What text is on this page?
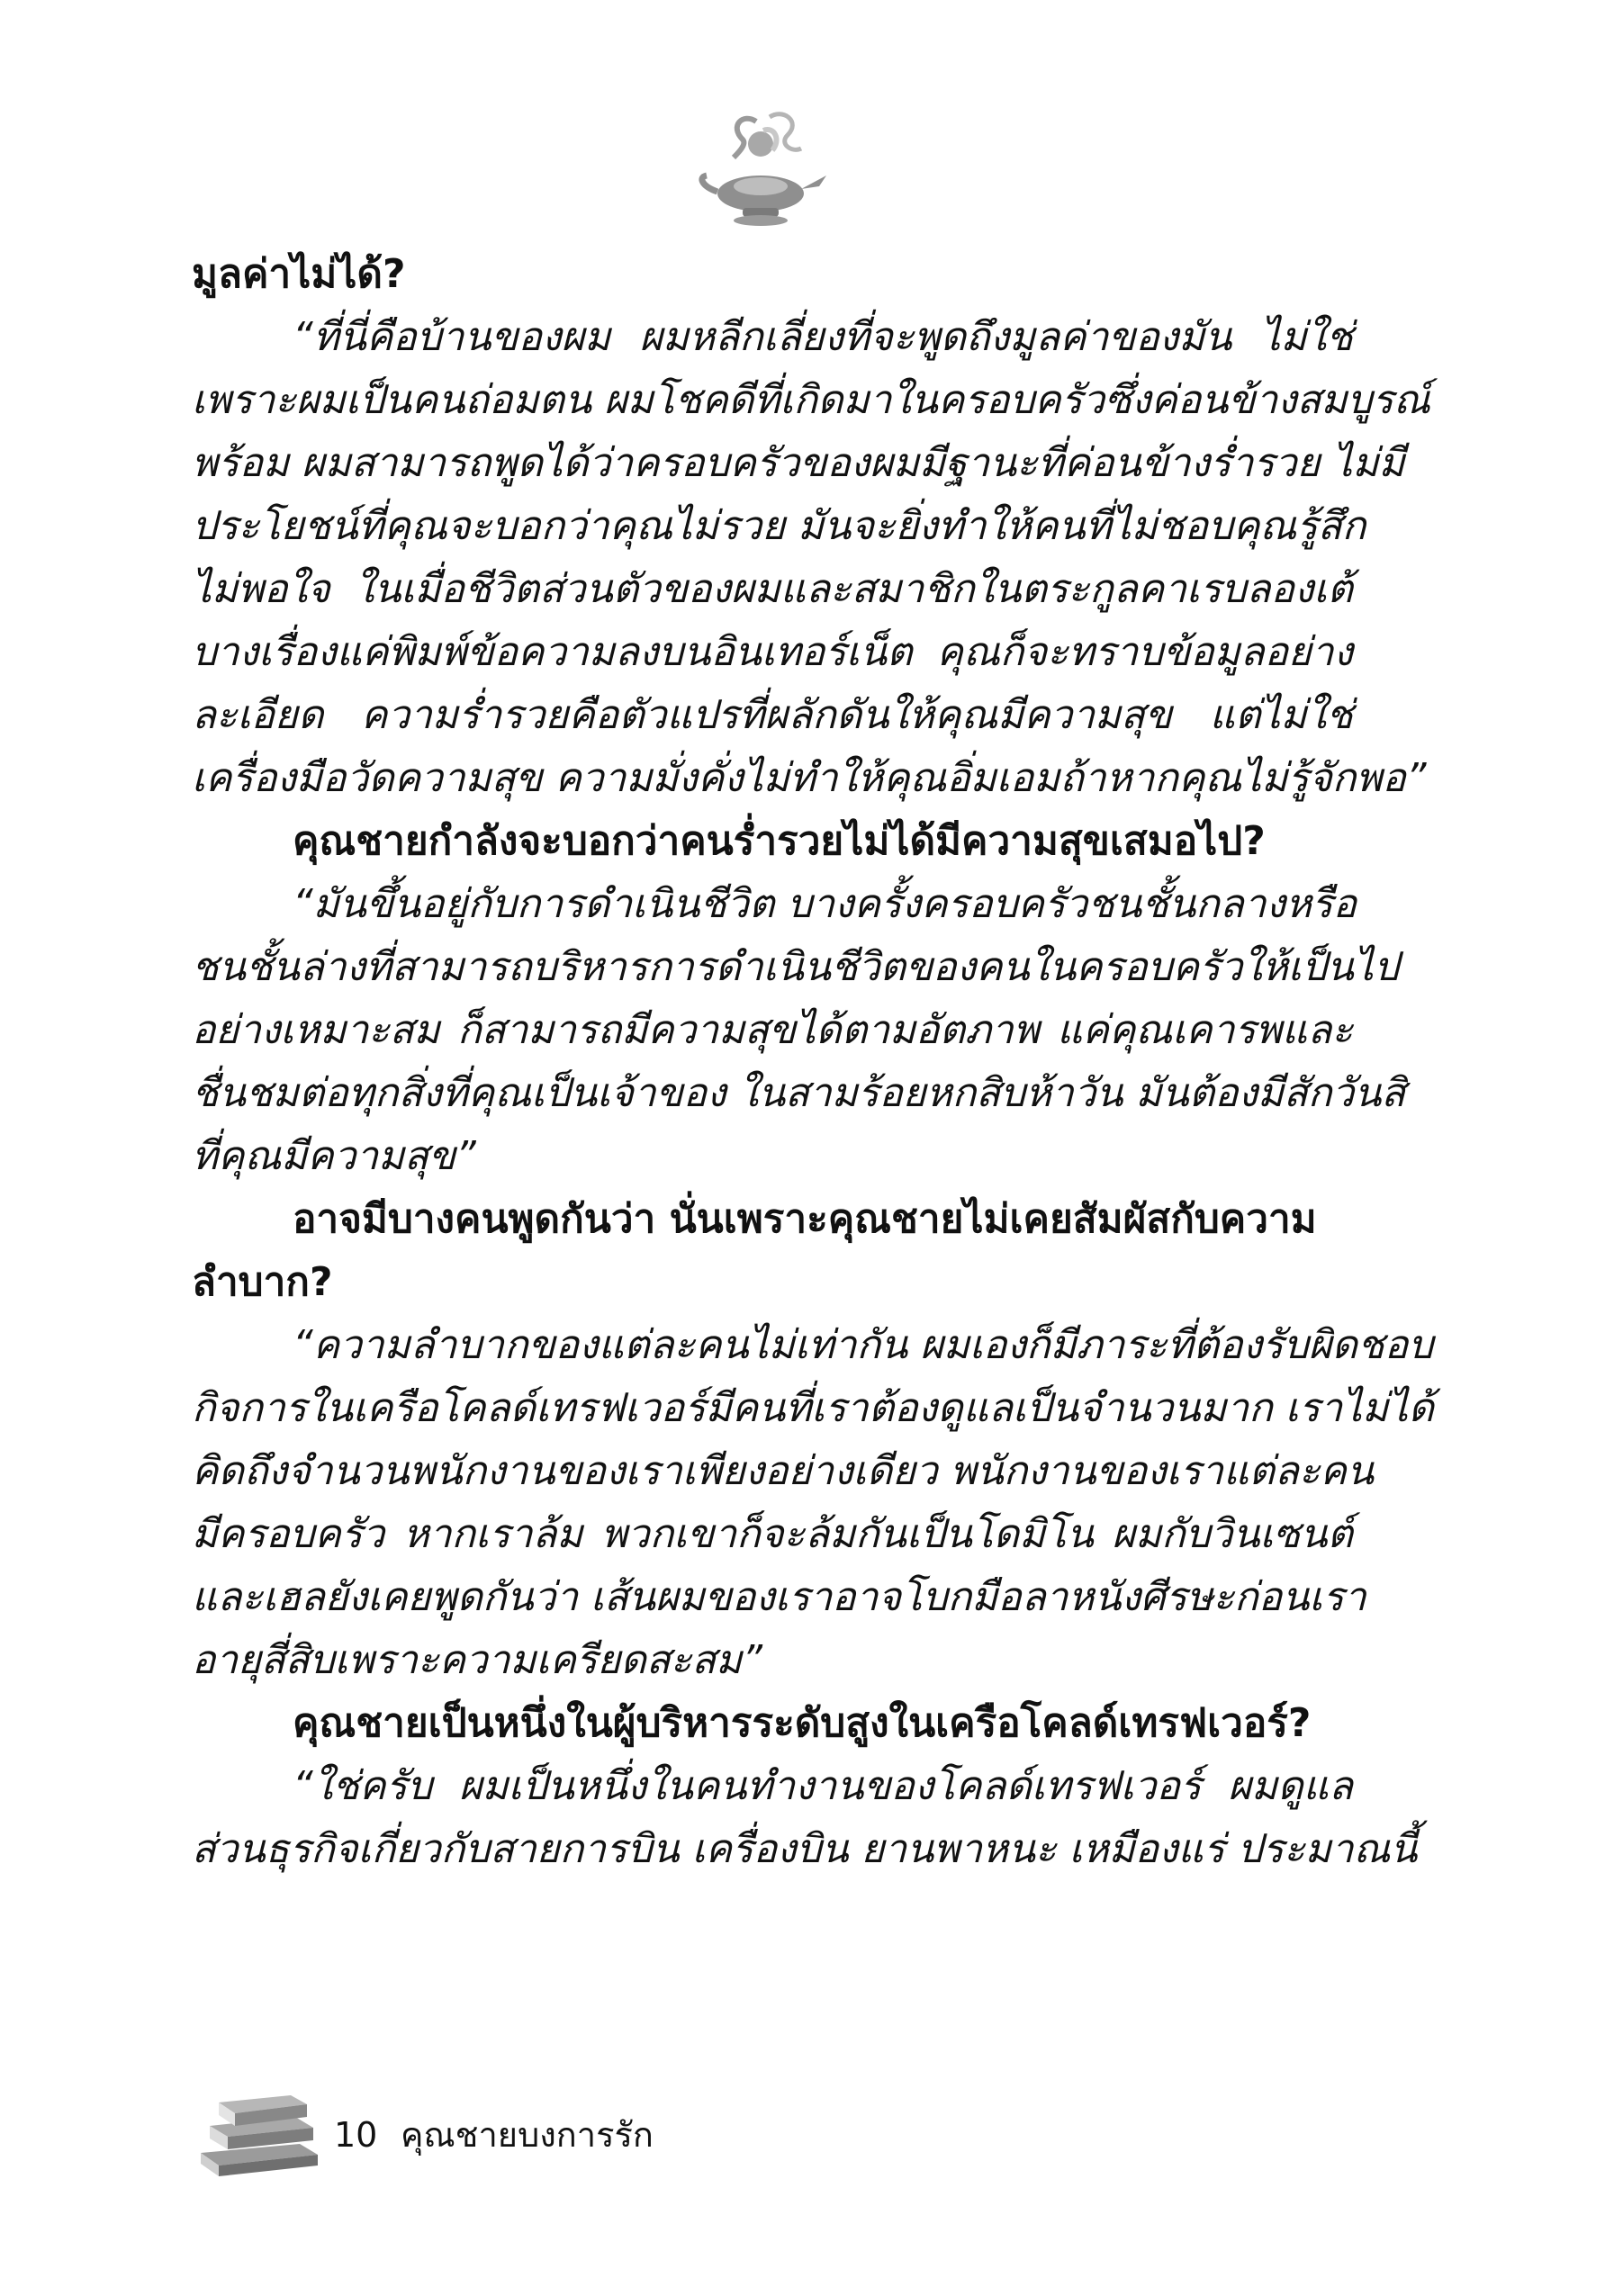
มูลค่าไม่ได้?

“ที่นี่คือบ้านของผม ผมหลีกเลี่ยงที่จะพูดถึงมูลค่าของมัน ไม่ใช่
เพราะผมเป็นคนถ่อมตน ผมโชคดีที่เกิดมาในครอบครัวซึ่งค่อนข้างสมบูรณ์
พร้อม ผมสามารถพูดได้ว่าครอบครัวของผมมีฐานะที่ค่อนข้างร่ำรวย ไม่มี
ประโยชน์ที่คุณจะบอกว่าคุณไม่รวย มันจะยิ่งทำให้คนที่ไม่ชอบคุณรู้สึก
ไม่พอใจ ในเมื่อชีวิตส่วนตัวของผมและสมาชิกในตระกูลคาเรบลองเต้
บางเรื่องแค่พิมพ์ข้อความลงบนอินเทอร์เน็ต คุณก็จะทราบข้อมูลอย่าง
ละเอียด ความร่ำรวยคือตัวแปรที่ผลักดันให้คุณมีความสุข แต่ไม่ใช่
เครื่องมือวัดความสุข ความมั่งคั่งไม่ทำให้คุณอิ่มเอมถ้าหากคุณไม่รู้จักพอ”

คุณชายกำลังจะบอกว่าคนร่ำรวยไม่ได้มีความสุขเสมอไป?

“มันขึ้นอยู่กับการดำเนินชีวิต บางครั้งครอบครัวชนชั้นกลางหรือ
ชนชั้นล่างที่สามารถบริหารการดำเนินชีวิตของคนในครอบครัวให้เป็นไป
อย่างเหมาะสม ก็สามารถมีความสุขได้ตามอัตภาพ แค่คุณเคารพและ
ชื่นชมต่อทุกสิ่งที่คุณเป็นเจ้าของ ในสามร้อยหกสิบห้าวัน มันต้องมีสักวันสิ
ที่คุณมีความสุข”

อาจมีบางคนพูดกันว่า นั่นเพราะคุณชายไม่เคยสัมผัสกับความ

ลำบาก?

“ความลำบากของแต่ละคนไม่เท่ากัน ผมเองก็มีภาระที่ต้องรับผิดชอบ
กิจการในเครือโคลด์เทรฟเวอร์มีคนที่เราต้องดูแลเป็นจำนวนมาก เราไม่ได้
คิดถึงจำนวนพนักงานของเราเพียงอย่างเดียว พนักงานของเราแต่ละคน
มีครอบครัว หากเราล้ม พวกเขาก็จะล้มกันเป็นโดมิโน ผมกับวินเซนต์
และเฮลยังเคยพูดกันว่า เส้นผมของเราอาจโบกมือลาหนังศีรษะก่อนเรา
อายุสี่สิบเพราะความเครียดสะสม”

คุณชายเป็นหนึ่งในผู้บริหารระดับสูงในเครือโคลด์เทรฟเวอร์?

“ใช่ครับ ผมเป็นหนึ่งในคนทำงานของโคลด์เทรฟเวอร์ ผมดูแล
ส่วนธุรกิจเกี่ยวกับสายการบิน เครื่องบิน ยานพาหนะ เหมืองแร่ ประมาณนี้
10 คุณชายบงการรัก
